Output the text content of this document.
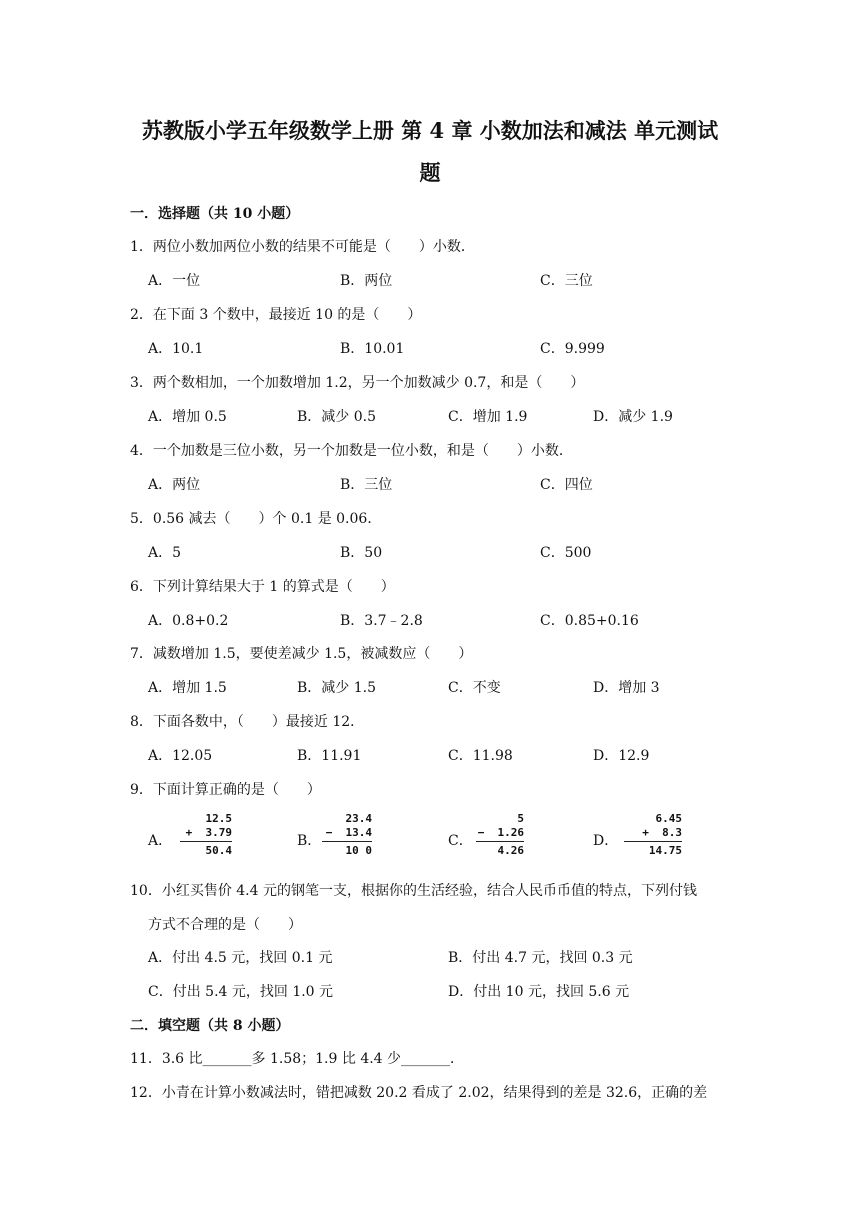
苏教版小学五年级数学上册 第 4 章 小数加法和减法 单元测试
题
一．选择题（共 10 小题）
1．两位小数加两位小数的结果不可能是（　　）小数．
A．一位	B．两位	C．三位
2．在下面 3 个数中，最接近 10 的是（　　）
A．10.1	B．10.01	C．9.999
3．两个数相加，一个加数增加 1.2，另一个加数减少 0.7，和是（　　）
A．增加 0.5	B．减少 0.5	C．增加 1.9	D．减少 1.9
4．一个加数是三位小数，另一个加数是一位小数，和是（　　）小数．
A．两位	B．三位	C．四位
5．0.56 减去（　　）个 0.1 是 0.06．
A．5	B．50	C．500
6．下列计算结果大于 1 的算式是（　　）
A．0.8+0.2	B．3.7﹣2.8	C．0.85+0.16
7．减数增加 1.5，要使差减少 1.5，被减数应（　　）
A．增加 1.5	B．减少 1.5	C．不变	D．增加 3
8．下面各数中，（　　）最接近 12．
A．12.05	B．11.91	C．11.98	D．12.9
9．下面计算正确的是（　　）
A．
12.5
+ 3.79
50.4
B．
23.4
− 13.4
10 0
C．
5
− 1.26
4.26
D．
6.45
+ 8.3
14.75
10．小红买售价 4.4 元的钢笔一支，根据你的生活经验，结合人民币币值的特点，下列付钱
方式不合理的是（　　）
A．付出 4.5 元，找回 0.1 元	B．付出 4.7 元，找回 0.3 元
C．付出 5.4 元，找回 1.0 元	D．付出 10 元，找回 5.6 元
二．填空题（共 8 小题）
11．3.6 比_______多 1.58；1.9 比 4.4 少_______．
12．小青在计算小数减法时，错把减数 20.2 看成了 2.02，结果得到的差是 32.6，正确的差
